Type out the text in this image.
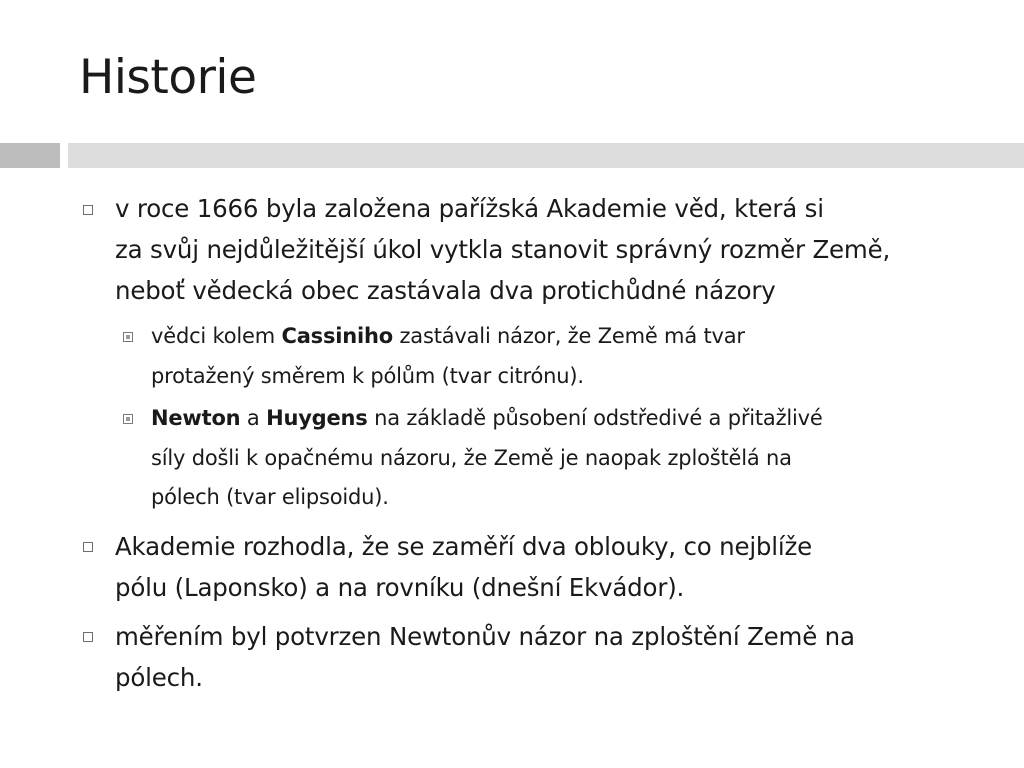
Historie
v roce 1666 byla založena pařížská Akademie věd, která si
za svůj nejdůležitější úkol vytkla stanovit správný rozměr Země,
neboť vědecká obec zastávala dva protichůdné názory
vědci kolem Cassiniho zastávali názor, že Země má tvar
protažený směrem k pólům (tvar citrónu).
Newton a Huygens na základě působení odstředivé a přitažlivé
síly došli k opačnému názoru, že Země je naopak zploštělá na
pólech (tvar elipsoidu).
Akademie rozhodla, že se zaměří dva oblouky, co nejblíže
pólu (Laponsko) a na rovníku (dnešní Ekvádor).
měřením byl potvrzen Newtonův názor na zploštění Země na
pólech.
